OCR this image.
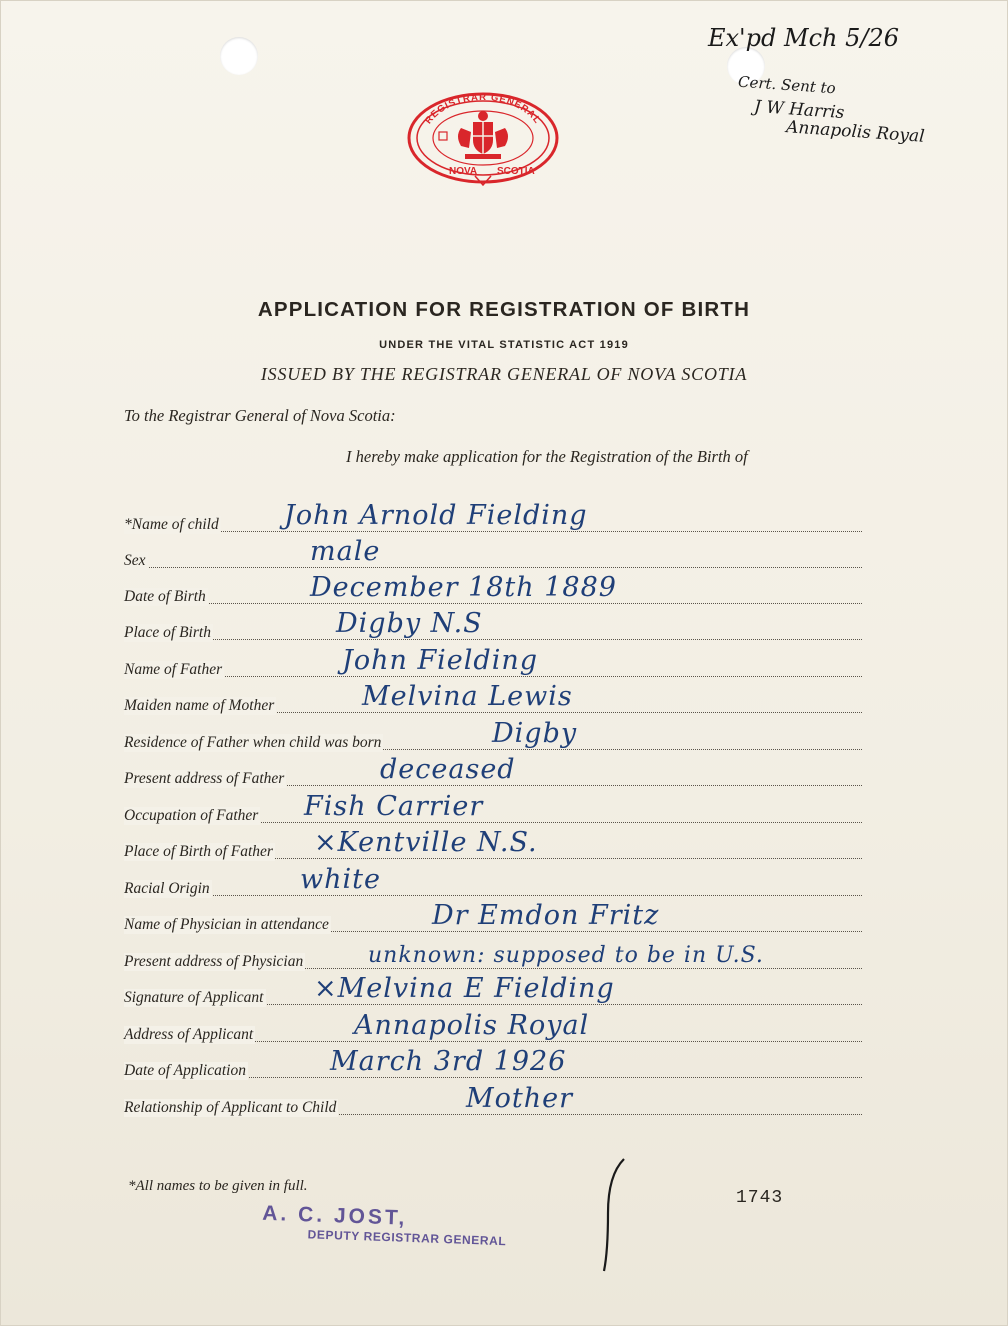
REGISTRAR GENERAL
NOVA SCOTIA
Ex'pd Mch 5/26
Cert. Sent to
J W Harris
Annapolis Royal
APPLICATION FOR REGISTRATION OF BIRTH
UNDER THE VITAL STATISTIC ACT 1919
ISSUED BY THE REGISTRAR GENERAL OF NOVA SCOTIA
To the Registrar General of Nova Scotia:
I hereby make application for the Registration of the Birth of
*Name of child John Arnold Fielding
Sex	male
Date of Birth	December 18th 1889
Place of Birth	Digby N.S
Name of Father	John Fielding
Maiden name of Mother	Melvina Lewis
Residence of Father when child was born	Digby
Present address of Father	deceased
Occupation of Father Fish Carrier
Place of Birth of Father ×Kentville N.S.
Racial Origin	white
Name of Physician in attendance	Dr Emdon Fritz
Present address of Physician	unknown: supposed to be in U.S.
Signature of Applicant ×Melvina E Fielding
Address of Applicant	Annapolis Royal
Date of Application	March 3rd 1926
Relationship of Applicant to Child	Mother
*All names to be given in full.
1743
A. C. JOST,
DEPUTY REGISTRAR GENERAL
